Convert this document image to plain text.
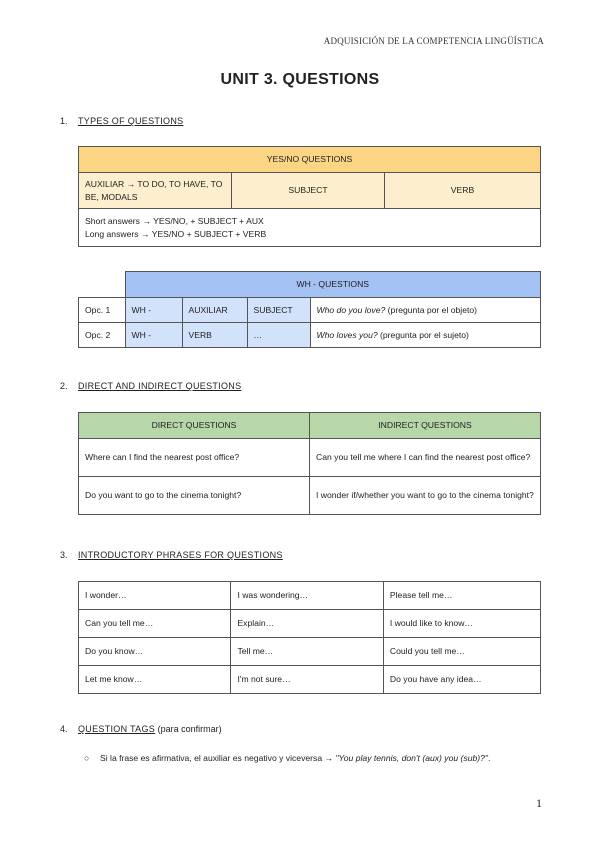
ADQUISICIÓN DE LA COMPETENCIA LINGÜÍSTICA
UNIT 3. QUESTIONS
1. TYPES OF QUESTIONS
YES/NO QUESTIONS
AUXILIAR → TO DO, TO HAVE, TO BE, MODALS	SUBJECT	VERB

Short answers → YES/NO, + SUBJECT + AUX
Long answers → YES/NO + SUBJECT + VERB
	WH - QUESTIONS			
Opc. 1	WH -	AUXILIAR	SUBJECT	Who do you love? (pregunta por el objeto)
Opc. 2	WH -	VERB	…	Who loves you? (pregunta por el sujeto)
2. DIRECT AND INDIRECT QUESTIONS
DIRECT QUESTIONS	INDIRECT QUESTIONS
Where can I find the nearest post office?	Can you tell me where I can find the nearest post office?
Do you want to go to the cinema tonight?	I wonder if/whether you want to go to the cinema tonight?
3. INTRODUCTORY PHRASES FOR QUESTIONS
I wonder…	I was wondering…	Please tell me…
Can you tell me…	Explain…	I would like to know…
Do you know…	Tell me…	Could you tell me…
Let me know…	I'm not sure…	Do you have any idea…
4. QUESTION TAGS (para confirmar)
○ Si la frase es afirmativa, el auxiliar es negativo y viceversa → "You play tennis, don't (aux) you (sub)?".
1
